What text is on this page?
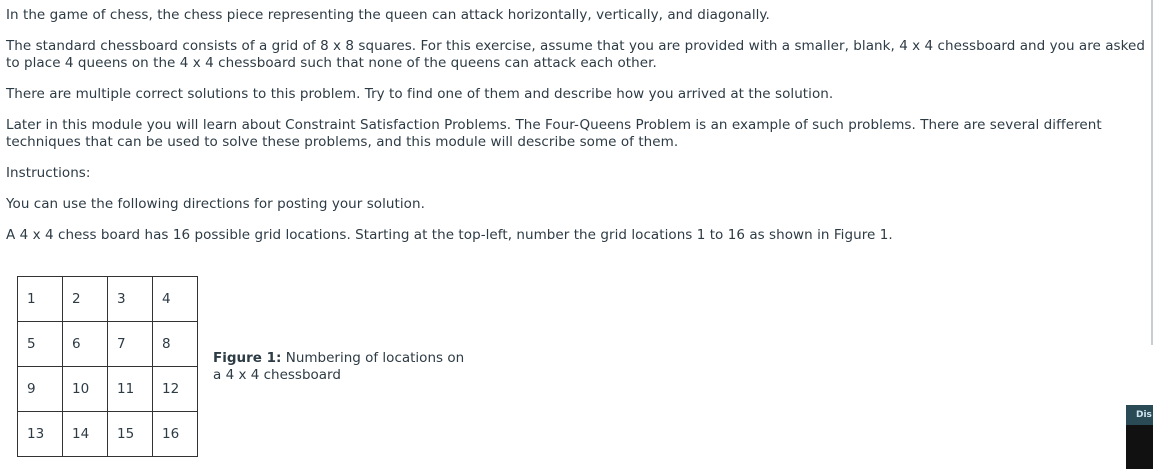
In the game of chess, the chess piece representing the queen can attack horizontally, vertically, and diagonally.

The standard chessboard consists of a grid of 8 x 8 squares. For this exercise, assume that you are provided with a smaller, blank, 4 x 4 chessboard and you are asked to place 4 queens on the 4 x 4 chessboard such that none of the queens can attack each other.

There are multiple correct solutions to this problem. Try to find one of them and describe how you arrived at the solution.

Later in this module you will learn about Constraint Satisfaction Problems. The Four-Queens Problem is an example of such problems. There are several different techniques that can be used to solve these problems, and this module will describe some of them.

Instructions:

You can use the following directions for posting your solution.

A 4 x 4 chess board has 16 possible grid locations. Starting at the top-left, number the grid locations 1 to 16 as shown in Figure 1.

1	2	3	4
5	6	7	8
9	10	11	12
13	14	15	16
Figure 1: Numbering of locations on a 4 x 4 chessboard
Dis
